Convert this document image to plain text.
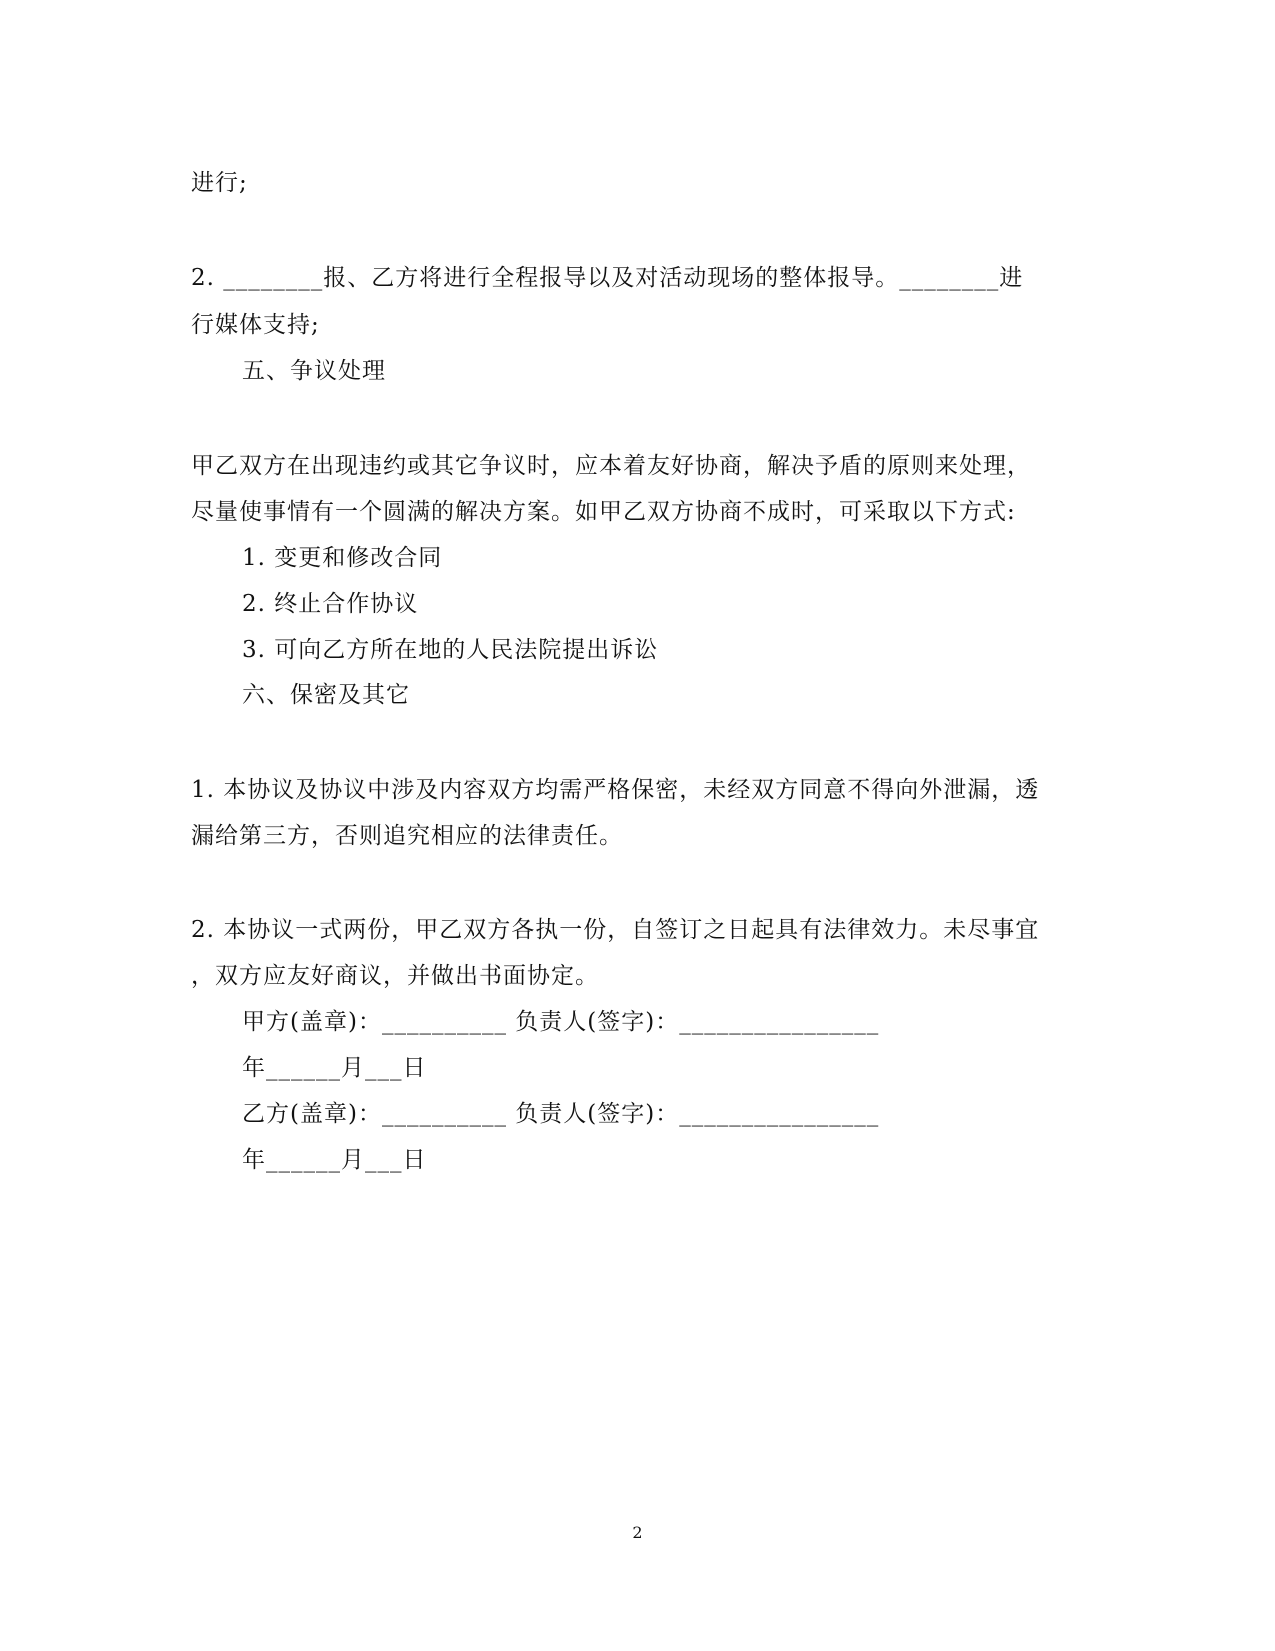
进行;
2. ________报、乙方将进行全程报导以及对活动现场的整体报导。________进
行媒体支持;
五、争议处理
甲乙双方在出现违约或其它争议时，应本着友好协商，解决予盾的原则来处理，
尽量使事情有一个圆满的解决方案。如甲乙双方协商不成时，可采取以下方式:
1. 变更和修改合同
2. 终止合作协议
3. 可向乙方所在地的人民法院提出诉讼
六、保密及其它
1. 本协议及协议中涉及内容双方均需严格保密，未经双方同意不得向外泄漏，透
漏给第三方，否则追究相应的法律责任。
2. 本协议一式两份，甲乙双方各执一份，自签订之日起具有法律效力。未尽事宜
，双方应友好商议，并做出书面协定。
甲方(盖章)：__________ 负责人(签字)：________________
年______月___日
乙方(盖章)：__________ 负责人(签字)：________________
年______月___日
2
